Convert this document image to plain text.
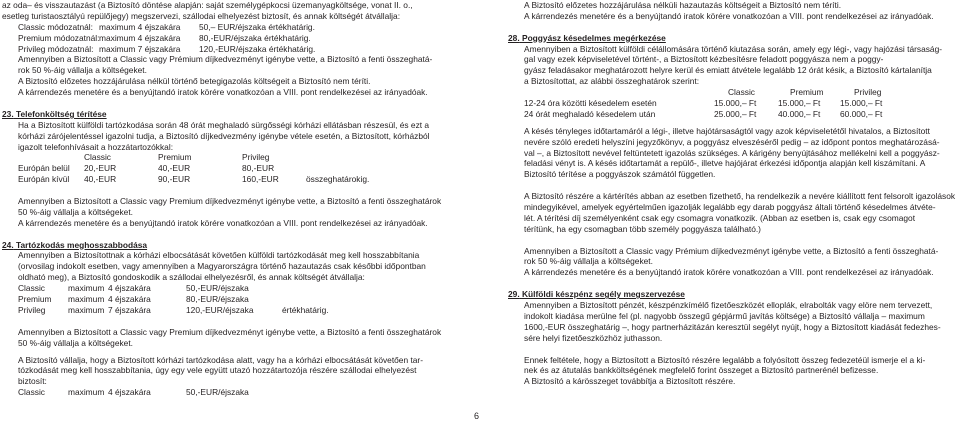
az oda– és visszautazást (a Biztosító döntése alapján: saját személygépkocsi üzemanyagköltsége, vonat II. o.,
esetleg turistaosztályú repülőjegy) megszervezi, szállodai elhelyezést biztosít, és annak költségét átvállalja:
Classic módozatnál: maximum 4 éjszakára	50,– EUR/éjszaka értékhatárig.
Premium módozatnál: maximum 4 éjszakára	80,-EUR/éjszaka értékhatárig.
Privileg módozatnál: maximum 7 éjszakára	120,-EUR/éjszaka értékhatárig.
Amennyiben a Biztosított a Classic vagy Prémium díjkedvezményt igénybe vette, a Biztosító a fenti összeghatá-
rok 50 %-áig vállalja a költségeket.
A Biztosító előzetes hozzájárulása nélkül történő betegigazolás költségeit a Biztosító nem téríti.
A kárrendezés menetére és a benyújtandó iratok körére vonatkozóan a VIII. pont rendelkezései az irányadóak.
23. Telefonköltség térítése
Ha a Biztosított külföldi tartózkodása során 48 órát meghaladó sürgősségi kórházi ellátásban részesül, és ezt a
kórházi zárójelentéssel igazolni tudja, a Biztosító díjkedvezmény igénybe vétele esetén, a Biztosított, kórházból
igazolt telefonhívásait a hozzátartozókkal:
Classic	Premium	Privileg
Európán belül	20,-EUR	40,-EUR	80,-EUR
Európán kívül	40,-EUR	90,-EUR	160,-EUR	összeghatárokig.
Amennyiben a Biztosított a Classic vagy Premium díjkedvezményt igénybe vette, a Biztosító a fenti összeghatárok
50 %-áig vállalja a költségeket.
A kárrendezés menetére és a benyújtandó iratok körére vonatkozóan a VIII. pont rendelkezései az irányadóak.
24. Tartózkodás meghosszabbodása
Amennyiben a Biztosítottnak a kórházi elbocsátását követően külföldi tartózkodását meg kell hosszabbítania
(orvosilag indokolt esetben, vagy amennyiben a Magyarországra történő hazautazás csak későbbi időpontban
oldható meg), a Biztosító gondoskodik a szállodai elhelyezésről, és annak költségét átvállalja:
Classic	maximum 4 éjszakára	50,-EUR/éjszaka
Premium	maximum 4 éjszakára	80,-EUR/éjszaka
Privileg	maximum 7 éjszakára	120,-EUR/éjszaka	értékhatárig.
Amennyiben a Biztosított a Classic vagy Premium díjkedvezményt igénybe vette, a Biztosító a fenti összeghatárok
50 %-áig vállalja a költségeket.
A Biztosító vállalja, hogy a Biztosított kórházi tartózkodása alatt, vagy ha a kórházi elbocsátását követően tar-
tózkodását meg kell hosszabbítania, úgy egy vele együtt utazó hozzátartozója részére szállodai elhelyezést
biztosít:
Classic	maximum 4 éjszakára	50,-EUR/éjszaka
6
A Biztosító előzetes hozzájárulása nélküli hazautazás költségeit a Biztosító nem téríti.
A kárrendezés menetére és a benyújtandó iratok körére vonatkozóan a VIII. pont rendelkezései az irányadóak.
28. Poggyász késedelmes megérkezése
Amennyiben a Biztosított külföldi célállomására történő kiutazása során, amely egy légi-, vagy hajózási társaság-
gal vagy ezek képviseletével történt-, a Biztosított kézbesítésre feladott poggyásza nem a poggy-
gyász feladásakor meghatározott helyre kerül és emiatt átvétele legalább 12 órát késik, a Biztosító kártalanítja
a Biztosítottat, az alábbi összeghatárok szerint:
Classic	Premium	Privileg
12-24 óra közötti késedelem esetén	15.000,– Ft	15.000,– Ft	15.000,– Ft
24 órát meghaladó késedelem után	25.000,– Ft	40.000,– Ft	60.000,– Ft
A késés tényleges időtartamáról a légi-, illetve hajótársaságtól vagy azok képviseletétől hivatalos, a Biztosított
nevére szóló eredeti helyszíni jegyzőkönyv, a poggyász elveszéséről pedig – az időpont pontos meghatározásá-
val –, a Biztosított nevével feltüntetett igazolás szükséges. A kárigény benyújtásához mellékelni kell a poggyász-
feladási vényt is. A késés időtartamát a repülő-, illetve hajójárat érkezési időpontja alapján kell kiszámítani. A
Biztosító térítése a poggyászok számától független.
A Biztosító részére a kártérítés abban az esetben fizethető, ha rendelkezik a nevére kiállított fent felsorolt igazolások
mindegyikével, amelyek egyértelműen igazolják legalább egy darab poggyász általi történő késedelmes átvéte-
lét. A térítési díj személyenként csak egy csomagra vonatkozik. (Abban az esetben is, csak egy csomagot
térítünk, ha egy csomagban több személy poggyásza található.)
Amennyiben a Biztosított a Classic vagy Prémium díjkedvezményt igénybe vette, a Biztosító a fenti összeghatá-
rok 50 %-áig vállalja a költségeket.
A kárrendezés menetére és a benyújtandó iratok körére vonatkozóan a VIII. pont rendelkezései az irányadóak.
29. Külföldi készpénz segély megszervezése
Amennyiben a Biztosított pénzét, készpénzkímélő fizetőeszközét elloplák, elrabolták vagy elöre nem tervezett,
indokolt kiadása merülne fel (pl. nagyobb összegű gépjármű javítás költsége) a Biztosító vállalja – maximum
1600,-EUR összeghatárig –, hogy partnerházitázán keresztül segélyt nyújt, hogy a Biztosított kiadását fedezhes-
sére helyi fizetőeszközhöz juthasson.
Ennek feltétele, hogy a Biztosított a Biztosító részére legalább a folyósított összeg fedezetéül ismerje el a ki-
nek és az átutalás bankköltségének megfelelő forint összeget a Biztosító partnerénél befizesse.
A Biztosító a kárösszeget továbbítja a Biztosított részére.
